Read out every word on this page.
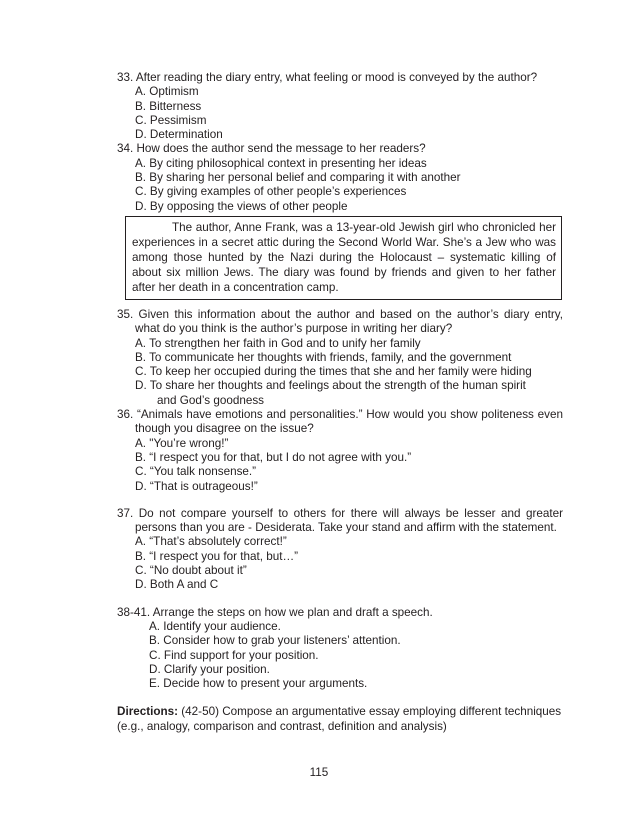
33. After reading the diary entry, what feeling or mood is conveyed by the author?
A. Optimism
B. Bitterness
C. Pessimism
D. Determination
34. How does the author send the message to her readers?
A. By citing philosophical context in presenting her ideas
B. By sharing her personal belief and comparing it with another
C. By giving examples of other people’s experiences
D. By opposing the views of other people

The author, Anne Frank, was a 13-year-old Jewish girl who chronicled her experiences in a secret attic during the Second World War. She’s a Jew who was among those hunted by the Nazi during the Holocaust – systematic killing of about six million Jews. The diary was found by friends and given to her father after her death in a concentration camp.

35. Given this information about the author and based on the author’s diary entry, what do you think is the author’s purpose in writing her diary?
A. To strengthen her faith in God and to unify her family
B. To communicate her thoughts with friends, family, and the government
C. To keep her occupied during the times that she and her family were hiding
D. To share her thoughts and feelings about the strength of the human spirit
and God’s goodness
36. “Animals have emotions and personalities.” How would you show politeness even though you disagree on the issue?
A. "You’re wrong!”
B. “I respect you for that, but I do not agree with you.”
C. “You talk nonsense.”
D. “That is outrageous!”
37. Do not compare yourself to others for there will always be lesser and greater persons than you are - Desiderata. Take your stand and affirm with the statement.
A. “That’s absolutely correct!”
B. “I respect you for that, but…”
C. “No doubt about it”
D. Both A and C
38-41. Arrange the steps on how we plan and draft a speech.
A. Identify your audience.
B. Consider how to grab your listeners’ attention.
C. Find support for your position.
D. Clarify your position.
E. Decide how to present your arguments.

Directions: (42-50) Compose an argumentative essay employing different techniques (e.g., analogy, comparison and contrast, definition and analysis)

115
